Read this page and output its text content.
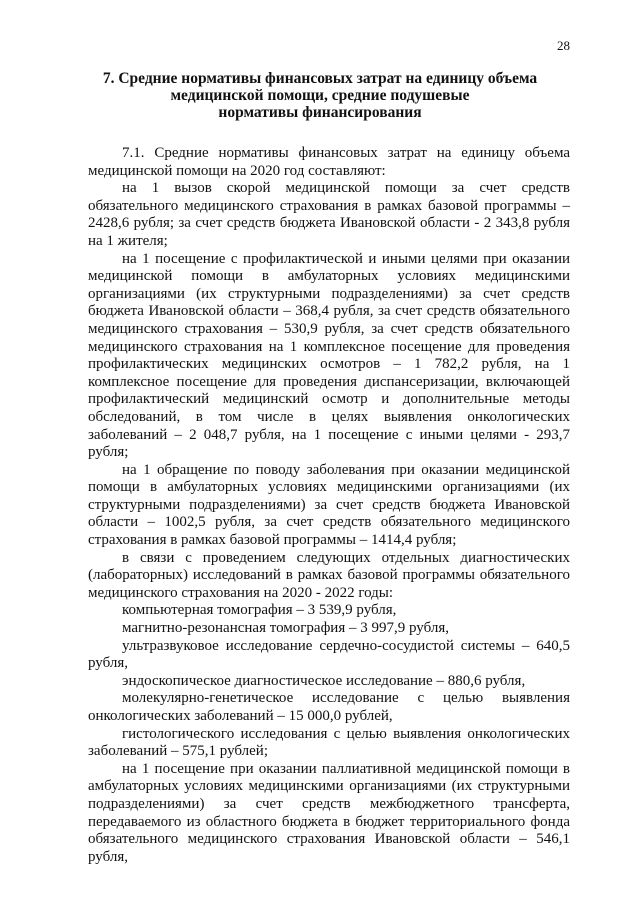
28
7. Средние нормативы финансовых затрат на единицу объема
медицинской помощи, средние подушевые
нормативы финансирования

7.1. Средние нормативы финансовых затрат на единицу объема медицинской помощи на 2020 год составляют:

на 1 вызов скорой медицинской помощи за счет средств обязательного медицинского страхования в рамках базовой программы – 2428,6 рубля; за счет средств бюджета Ивановской области - 2 343,8 рубля на 1 жителя;

на 1 посещение с профилактической и иными целями при оказании медицинской помощи в амбулаторных условиях медицинскими организациями (их структурными подразделениями) за счет средств бюджета Ивановской области – 368,4 рубля, за счет средств обязательного медицинского страхования – 530,9 рубля, за счет средств обязательного медицинского страхования на 1 комплексное посещение для проведения профилактических медицинских осмотров – 1 782,2 рубля, на 1 комплексное посещение для проведения диспансеризации, включающей профилактический медицинский осмотр и дополнительные методы обследований, в том числе в целях выявления онкологических заболеваний – 2 048,7 рубля, на 1 посещение с иными целями - 293,7 рубля;

на 1 обращение по поводу заболевания при оказании медицинской помощи в амбулаторных условиях медицинскими организациями (их структурными подразделениями) за счет средств бюджета Ивановской области – 1002,5 рубля, за счет средств обязательного медицинского страхования в рамках базовой программы – 1414,4 рубля;

в связи с проведением следующих отдельных диагностических (лабораторных) исследований в рамках базовой программы обязательного медицинского страхования на 2020 - 2022 годы:

компьютерная томография – 3 539,9 рубля,

магнитно-резонансная томография – 3 997,9 рубля,

ультразвуковое исследование сердечно-сосудистой системы – 640,5 рубля,

эндоскопическое диагностическое исследование – 880,6 рубля,

молекулярно-генетическое исследование с целью выявления онкологических заболеваний – 15 000,0 рублей,

гистологического исследования с целью выявления онкологических заболеваний – 575,1 рублей;

на 1 посещение при оказании паллиативной медицинской помощи в амбулаторных условиях медицинскими организациями (их структурными подразделениями) за счет средств межбюджетного трансферта, передаваемого из областного бюджета в бюджет территориального фонда обязательного медицинского страхования Ивановской области – 546,1 рубля,
